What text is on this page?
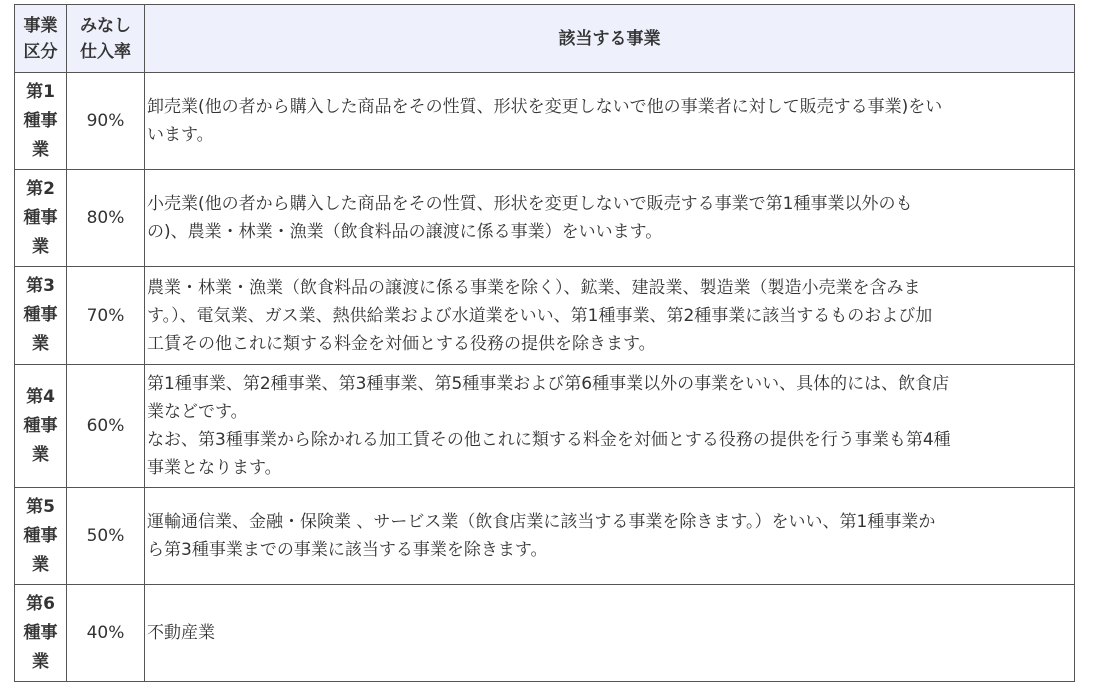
事業
区分	みなし
仕入率	該当する事業

第1
種事
業	90%	卸売業(他の者から購入した商品をその性質、形状を変更しないで他の事業者に対して販売する事業)をい
います。

第2
種事
業	80%	小売業(他の者から購入した商品をその性質、形状を変更しないで販売する事業で第1種事業以外のも
の)、農業・林業・漁業（飲食料品の譲渡に係る事業）をいいます。

第3
種事
業	70%	農業・林業・漁業（飲食料品の譲渡に係る事業を除く）、鉱業、建設業、製造業（製造小売業を含みま
す。）、電気業、ガス業、熱供給業および水道業をいい、第1種事業、第2種事業に該当するものおよび加
工賃その他これに類する料金を対価とする役務の提供を除きます。

第4
種事
業	60%	第1種事業、第2種事業、第3種事業、第5種事業および第6種事業以外の事業をいい、具体的には、飲食店
業などです。
なお、第3種事業から除かれる加工賃その他これに類する料金を対価とする役務の提供を行う事業も第4種
事業となります。

第5
種事
業	50%	運輸通信業、金融・保険業 、サービス業（飲食店業に該当する事業を除きます。）をいい、第1種事業か
ら第3種事業までの事業に該当する事業を除きます。

第6
種事
業	40%	不動産業
